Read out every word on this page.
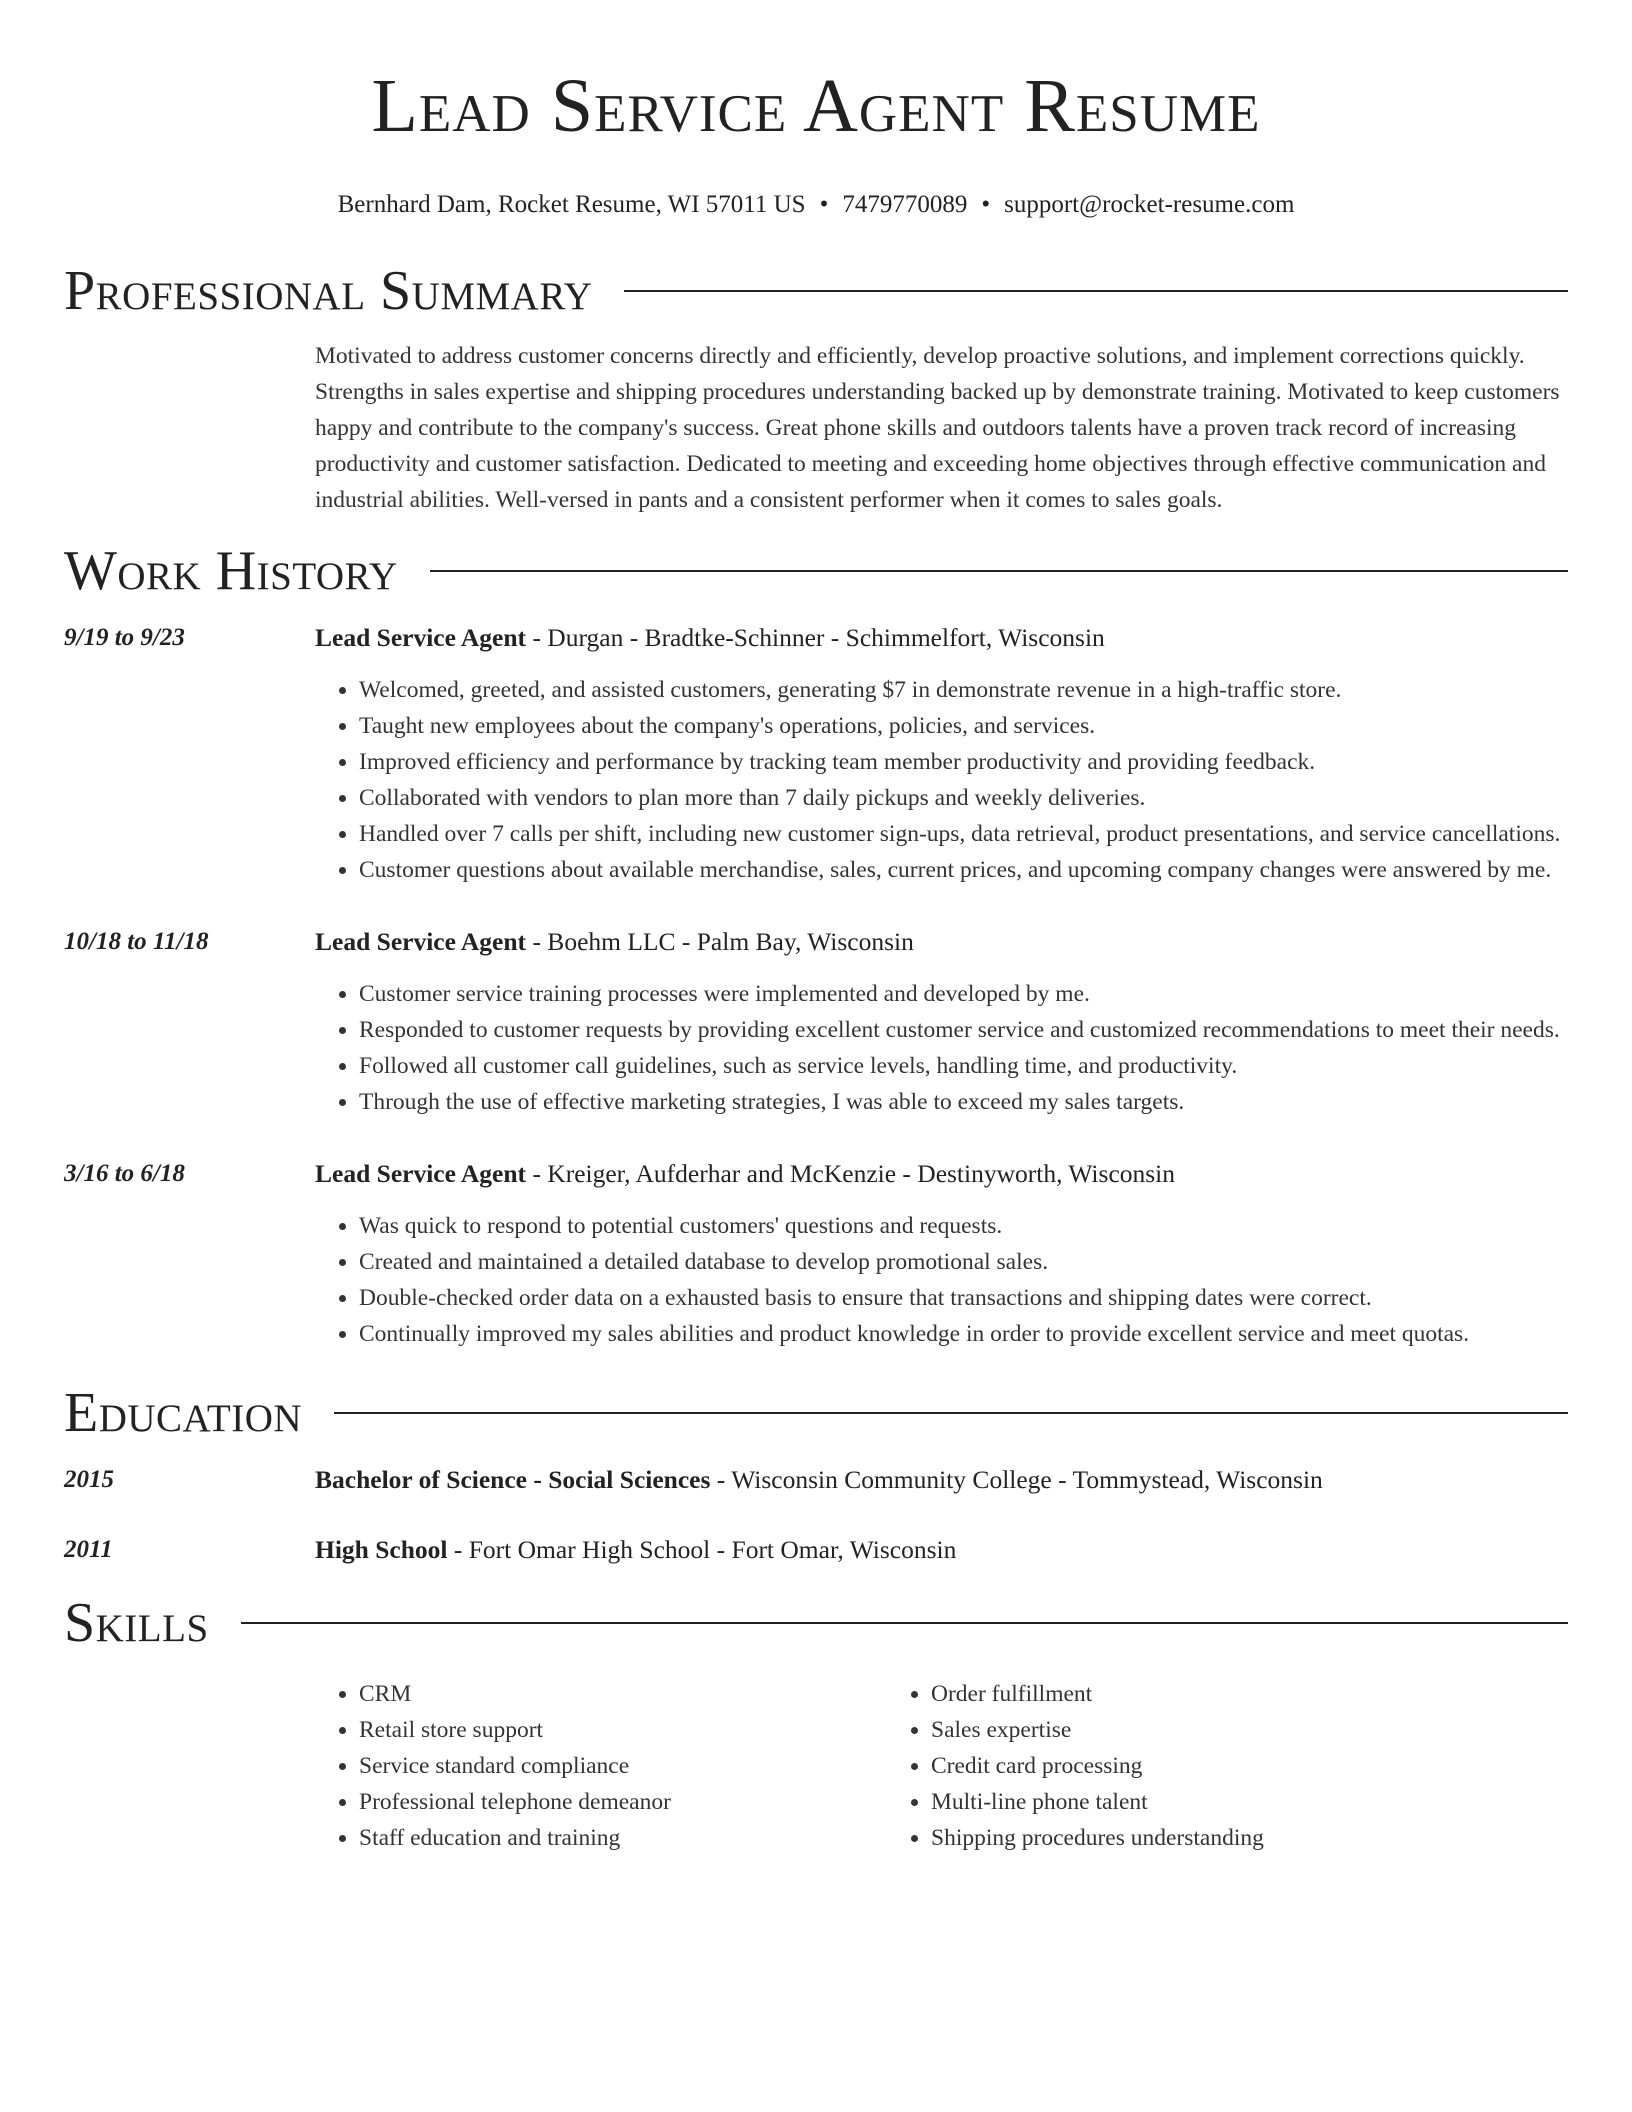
Lead Service Agent Resume
Bernhard Dam, Rocket Resume, WI 57011 US • 7479770089 • support@rocket-resume.com
Professional Summary
Motivated to address customer concerns directly and efficiently, develop proactive solutions, and implement corrections quickly. Strengths in sales expertise and shipping procedures understanding backed up by demonstrate training. Motivated to keep customers happy and contribute to the company's success. Great phone skills and outdoors talents have a proven track record of increasing productivity and customer satisfaction. Dedicated to meeting and exceeding home objectives through effective communication and industrial abilities. Well-versed in pants and a consistent performer when it comes to sales goals.
Work History
9/19 to 9/23	Lead Service Agent - Durgan - Bradtke-Schinner - Schimmelfort, Wisconsin
• Welcomed, greeted, and assisted customers, generating $7 in demonstrate revenue in a high-traffic store.
• Taught new employees about the company's operations, policies, and services.
• Improved efficiency and performance by tracking team member productivity and providing feedback.
• Collaborated with vendors to plan more than 7 daily pickups and weekly deliveries.
• Handled over 7 calls per shift, including new customer sign-ups, data retrieval, product presentations, and service cancellations.
• Customer questions about available merchandise, sales, current prices, and upcoming company changes were answered by me.
10/18 to 11/18	Lead Service Agent - Boehm LLC - Palm Bay, Wisconsin
• Customer service training processes were implemented and developed by me.
• Responded to customer requests by providing excellent customer service and customized recommendations to meet their needs.
• Followed all customer call guidelines, such as service levels, handling time, and productivity.
• Through the use of effective marketing strategies, I was able to exceed my sales targets.
3/16 to 6/18	Lead Service Agent - Kreiger, Aufderhar and McKenzie - Destinyworth, Wisconsin
• Was quick to respond to potential customers' questions and requests.
• Created and maintained a detailed database to develop promotional sales.
• Double-checked order data on a exhausted basis to ensure that transactions and shipping dates were correct.
• Continually improved my sales abilities and product knowledge in order to provide excellent service and meet quotas.
Education
2015	Bachelor of Science - Social Sciences - Wisconsin Community College - Tommystead, Wisconsin
2011	High School - Fort Omar High School - Fort Omar, Wisconsin
Skills
• CRM
• Retail store support
• Service standard compliance
• Professional telephone demeanor
• Staff education and training
• Order fulfillment
• Sales expertise
• Credit card processing
• Multi-line phone talent
• Shipping procedures understanding
